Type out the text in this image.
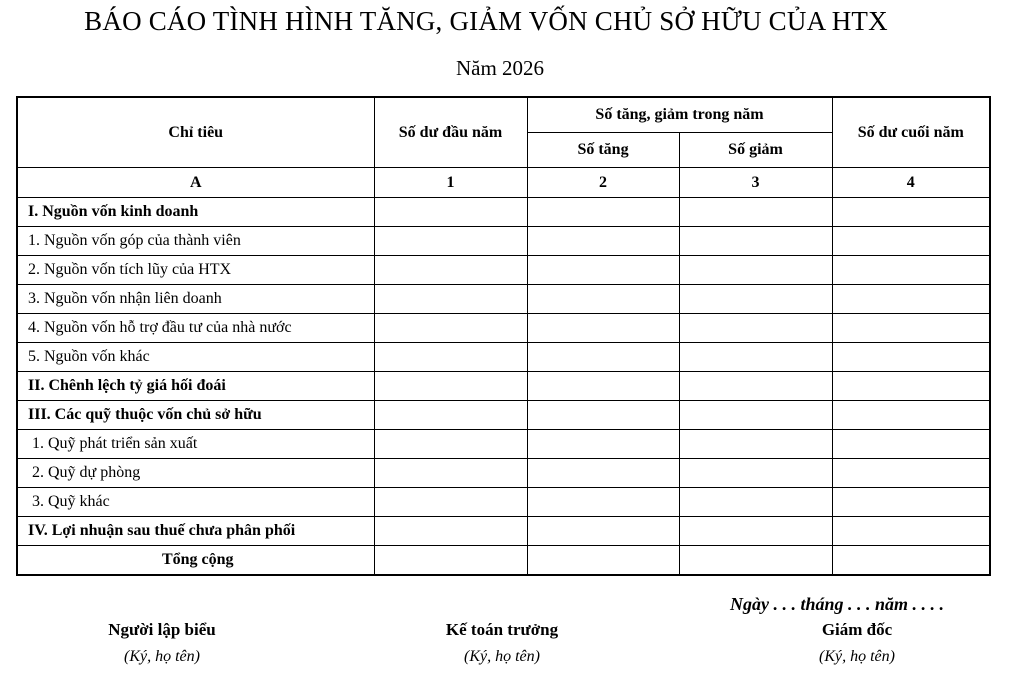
BÁO CÁO TÌNH HÌNH TĂNG, GIẢM VỐN CHỦ SỞ HỮU CỦA HTX
Năm 2026
Chỉ tiêu	Số dư đầu năm	Số tăng, giảm trong năm		Số dư cuối năm
		Số tăng	Số giảm	
A	1	2	3	4
I. Nguồn vốn kinh doanh				
1. Nguồn vốn góp của thành viên				
2. Nguồn vốn tích lũy của HTX				
3. Nguồn vốn nhận liên doanh				
4. Nguồn vốn hỗ trợ đầu tư của nhà nước				
5. Nguồn vốn khác				
II. Chênh lệch tỷ giá hối đoái				
III. Các quỹ thuộc vốn chủ sở hữu				
1. Quỹ phát triển sản xuất				
2. Quỹ dự phòng				
3. Quỹ khác				
IV. Lợi nhuận sau thuế chưa phân phối				
Tổng cộng				
Ngày . . . tháng . . . năm . . . .
Người lập biểu
(Ký, họ tên)
Kế toán trưởng
(Ký, họ tên)
Giám đốc
(Ký, họ tên)
